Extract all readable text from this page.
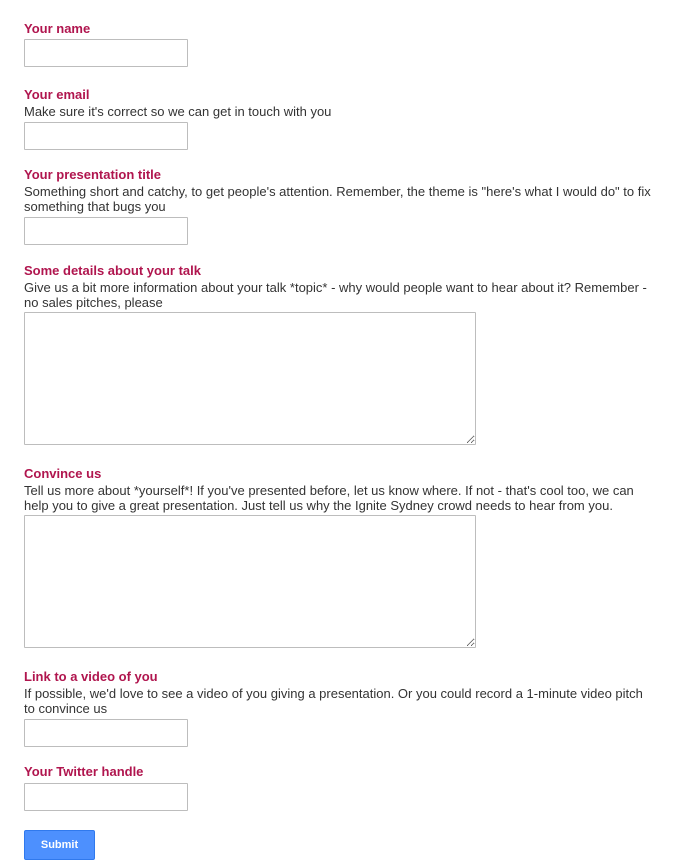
Your name
Your email
Make sure it's correct so we can get in touch with you
Your presentation title
Something short and catchy, to get people's attention. Remember, the theme is "here's what I would do" to fix something that bugs you
Some details about your talk
Give us a bit more information about your talk *topic* - why would people want to hear about it? Remember - no sales pitches, please
Convince us
Tell us more about *yourself*! If you've presented before, let us know where. If not - that's cool too, we can help you to give a great presentation. Just tell us why the Ignite Sydney crowd needs to hear from you.
Link to a video of you
If possible, we'd love to see a video of you giving a presentation. Or you could record a 1-minute video pitch to convince us
Your Twitter handle
Submit
